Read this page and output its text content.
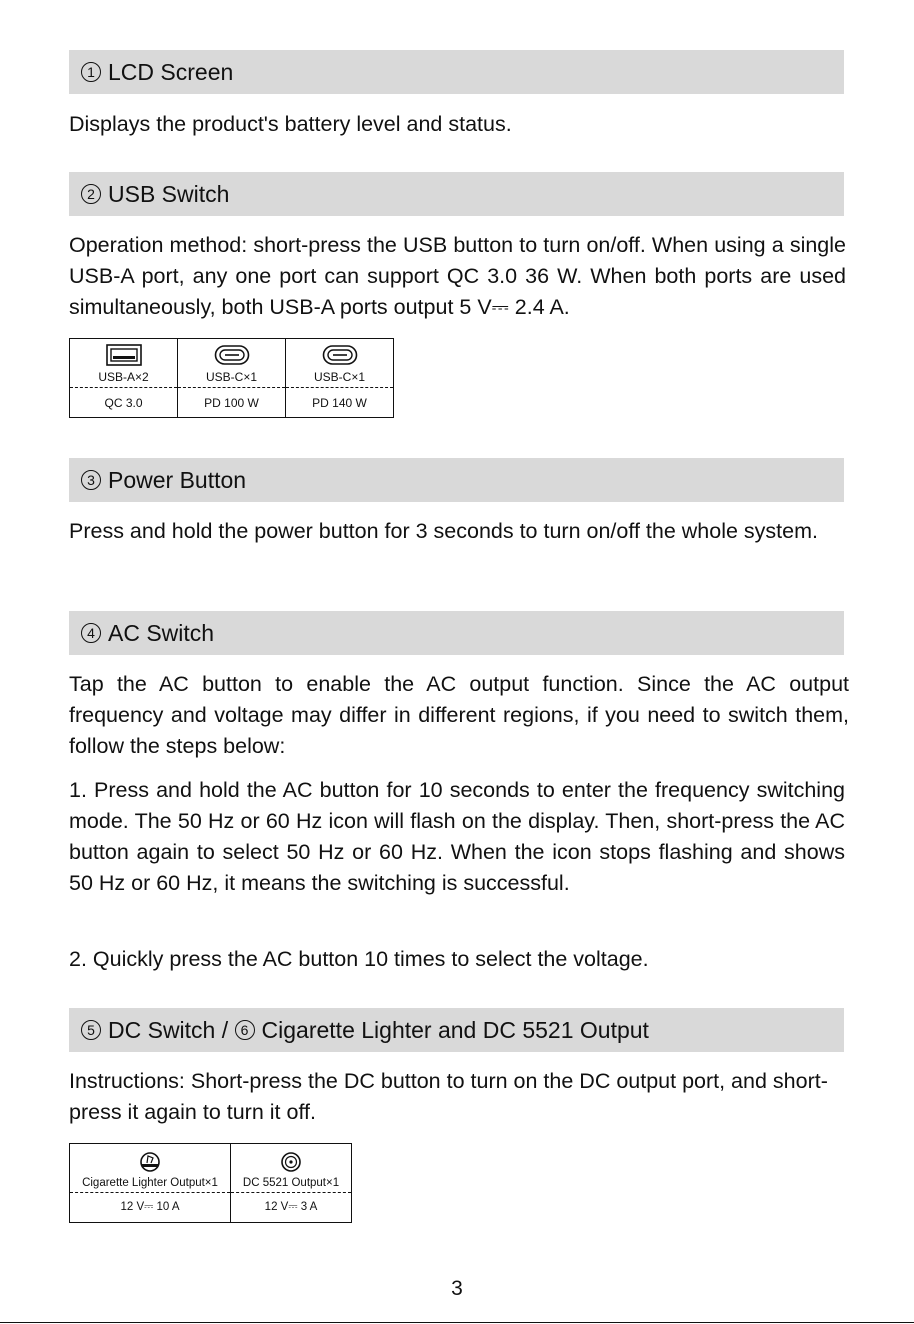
1 LCD Screen

Displays the product's battery level and status.

2 USB Switch

Operation method: short-press the USB button to turn on/off. When using a single USB-A port, any one port can support QC 3.0 36 W. When both ports are used simultaneously, both USB-A ports output 5 V⎓ 2.4 A.

USB-A×2	USB-C×1	USB-C×1

QC 3.0	PD 100 W	PD 140 W
3 Power Button

Press and hold the power button for 3 seconds to turn on/off the whole system.

4 AC Switch

Tap the AC button to enable the AC output function. Since the AC output frequency and voltage may differ in different regions, if you need to switch them, follow the steps below:

1. Press and hold the AC button for 10 seconds to enter the frequency switching mode. The 50 Hz or 60 Hz icon will flash on the display. Then, short-press the AC button again to select 50 Hz or 60 Hz. When the icon stops flashing and shows 50 Hz or 60 Hz, it means the switching is successful.

2. Quickly press the AC button 10 times to select the voltage.

5 DC Switch / 6 Cigarette Lighter and DC 5521 Output

Instructions: Short-press the DC button to turn on the DC output port, and short-press it again to turn it off.

Cigarette Lighter Output×1	DC 5521 Output×1

12 V⎓ 10 A	12 V⎓ 3 A
3
